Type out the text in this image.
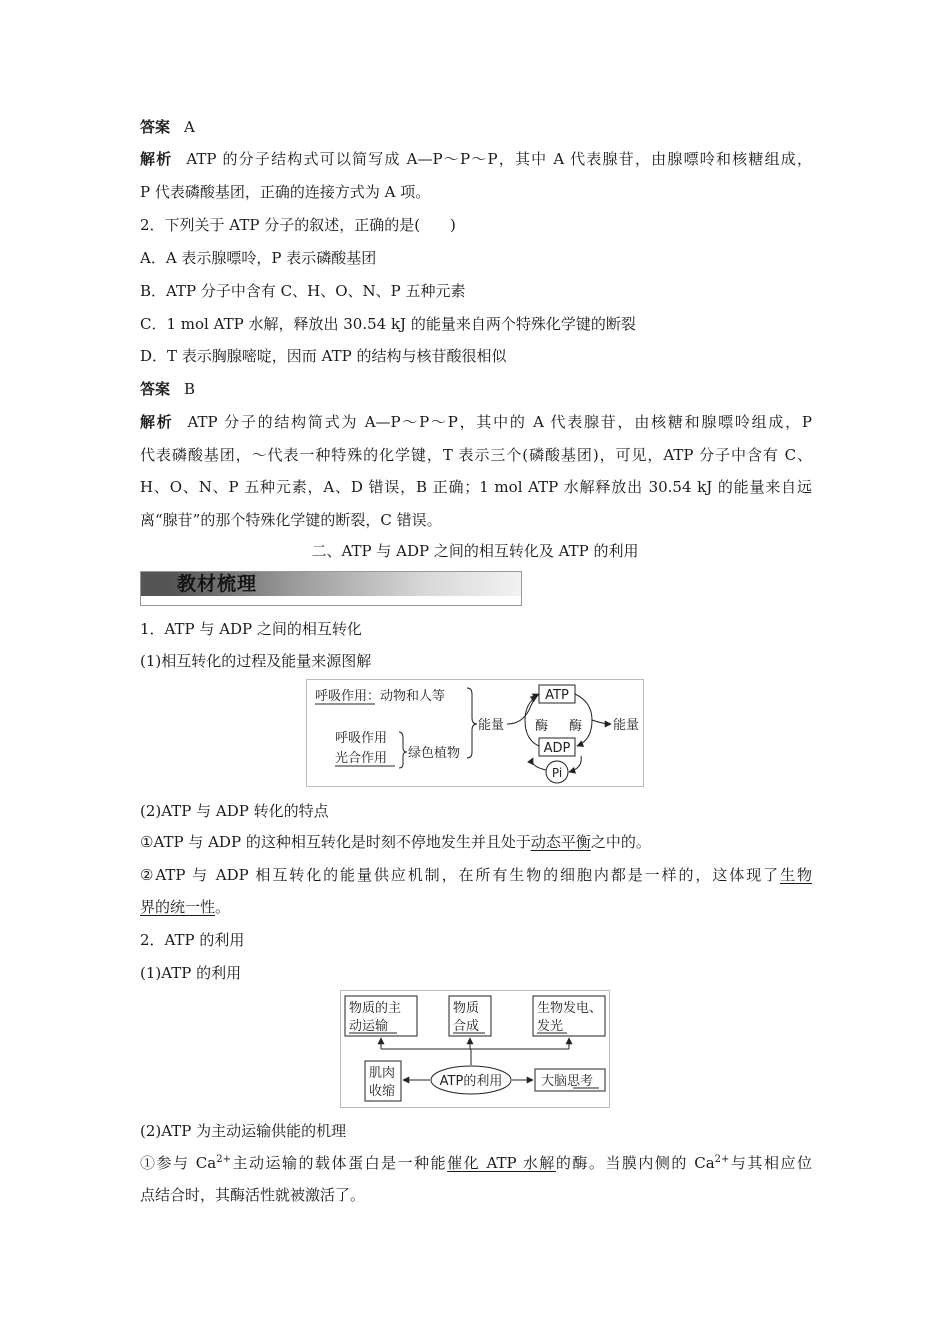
答案 A
解析 ATP 的分子结构式可以简写成 A—P～P～P，其中 A 代表腺苷，由腺嘌呤和核糖组成，
P 代表磷酸基团，正确的连接方式为 A 项。
2．下列关于 ATP 分子的叙述，正确的是(　　)
A．A 表示腺嘌呤，P 表示磷酸基团
B．ATP 分子中含有 C、H、O、N、P 五种元素
C．1 mol ATP 水解，释放出 30.54 kJ 的能量来自两个特殊化学键的断裂
D．T 表示胸腺嘧啶，因而 ATP 的结构与核苷酸很相似
答案 B
解析 ATP 分子的结构简式为 A—P～P～P，其中的 A 代表腺苷，由核糖和腺嘌呤组成，P
代表磷酸基团，～代表一种特殊的化学键，T 表示三个(磷酸基团)，可见，ATP 分子中含有 C、
H、O、N、P 五种元素，A、D 错误，B 正确；1 mol ATP 水解释放出 30.54 kJ 的能量来自远
离“腺苷”的那个特殊化学键的断裂，C 错误。
二、ATP 与 ADP 之间的相互转化及 ATP 的利用
教材梳理
1．ATP 与 ADP 之间的相互转化
(1)相互转化的过程及能量来源图解
呼吸作用：动物和人等
呼吸作用
光合作用 绿色植物
能量
ATP
酶 酶
ADP
能量
Pi
(2)ATP 与 ADP 转化的特点
①ATP 与 ADP 的这种相互转化是时刻不停地发生并且处于动态平衡之中的。
②ATP 与 ADP 相互转化的能量供应机制，在所有生物的细胞内都是一样的，这体现了生物
界的统一性。
2．ATP 的利用
(1)ATP 的利用
物质的主
动运输
物质
合成
生物发电、
发光
ATP的利用
肌肉
收缩
大脑思考
(2)ATP 为主动运输供能的机理
①参与 $Ca^{2+}$主动运输的载体蛋白是一种能催化 ATP 水解的酶。当膜内侧的 $Ca^{2+}$与其相应位
点结合时，其酶活性就被激活了。
